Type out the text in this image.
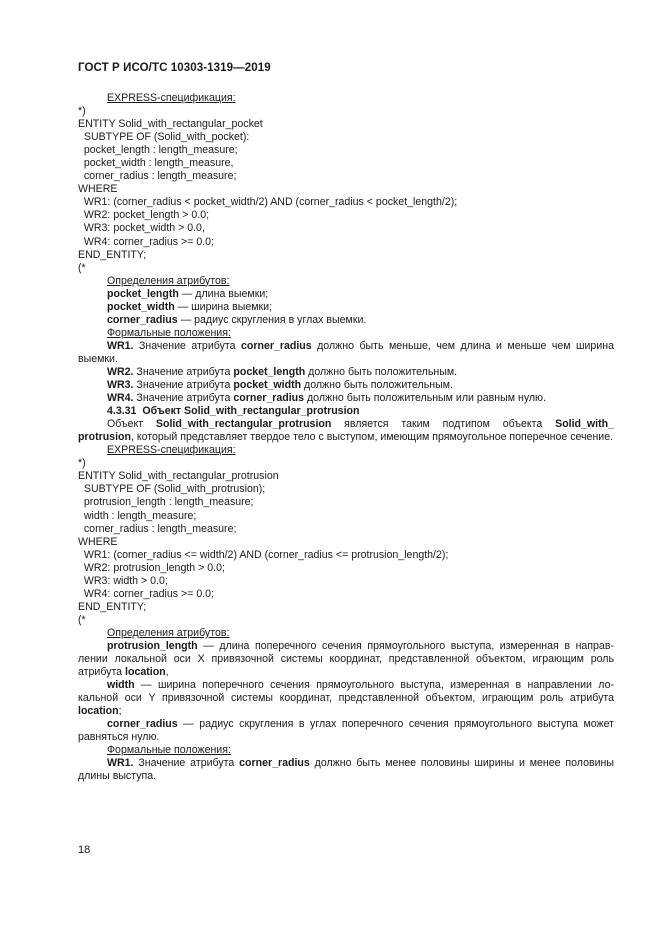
ГОСТ Р ИСО/ТС 10303-1319—2019
EXPRESS-спецификация:
*)
ENTITY Solid_with_rectangular_pocket
SUBTYPE OF (Solid_with_pocket):
pocket_length : length_measure;
pocket_width : length_measure,
corner_radius : length_measure;
WHERE
WR1: (corner_radius < pocket_width/2) AND (corner_radius < pocket_length/2);
WR2: pocket_length > 0.0;
WR3: pocket_width > 0.0,
WR4: corner_radius >= 0.0;
END_ENTITY;
(*
Определения атрибутов:
pocket_length — длина выемки;
pocket_width — ширина выемки;
corner_radius — радиус скругления в углах выемки.
Формальные положения:
WR1. Значение атрибута corner_radius должно быть меньше, чем длина и меньше чем ширина выемки.
WR2. Значение атрибута pocket_length должно быть положительным.
WR3. Значение атрибута pocket_width должно быть положительным.
WR4. Значение атрибута corner_radius должно быть положительным или равным нулю.
4.3.31 Объект Solid_with_rectangular_protrusion
Объект Solid_with_rectangular_protrusion является таким подтипом объекта Solid_with_ protrusion, который представляет твердое тело с выступом, имеющим прямоугольное поперечное сечение.
EXPRESS-спецификация:
*)
ENTITY Solid_with_rectangular_protrusion
SUBTYPE OF (Solid_with_protrusion);
protrusion_length : length_measure;
width : length_measure;
corner_radius : length_measure;
WHERE
WR1: (corner_radius <= width/2) AND (corner_radius <= protrusion_length/2);
WR2: protrusion_length > 0.0;
WR3: width > 0.0;
WR4: corner_radius >= 0.0;
END_ENTITY;
(*
Определения атрибутов:
protrusion_length — длина поперечного сечения прямоугольного выступа, измеренная в направлении локальной оси X привязочной системы координат, представленной объектом, играющим роль атрибута location,
width — ширина поперечного сечения прямоугольного выступа, измеренная в направлении локальной оси Y привязочной системы координат, представленной объектом, играющим роль атрибута location;
corner_radius — радиус скругления в углах поперечного сечения прямоугольного выступа может равняться нулю.
Формальные положения:
WR1. Значение атрибута corner_radius должно быть менее половины ширины и менее половины длины выступа.
18
